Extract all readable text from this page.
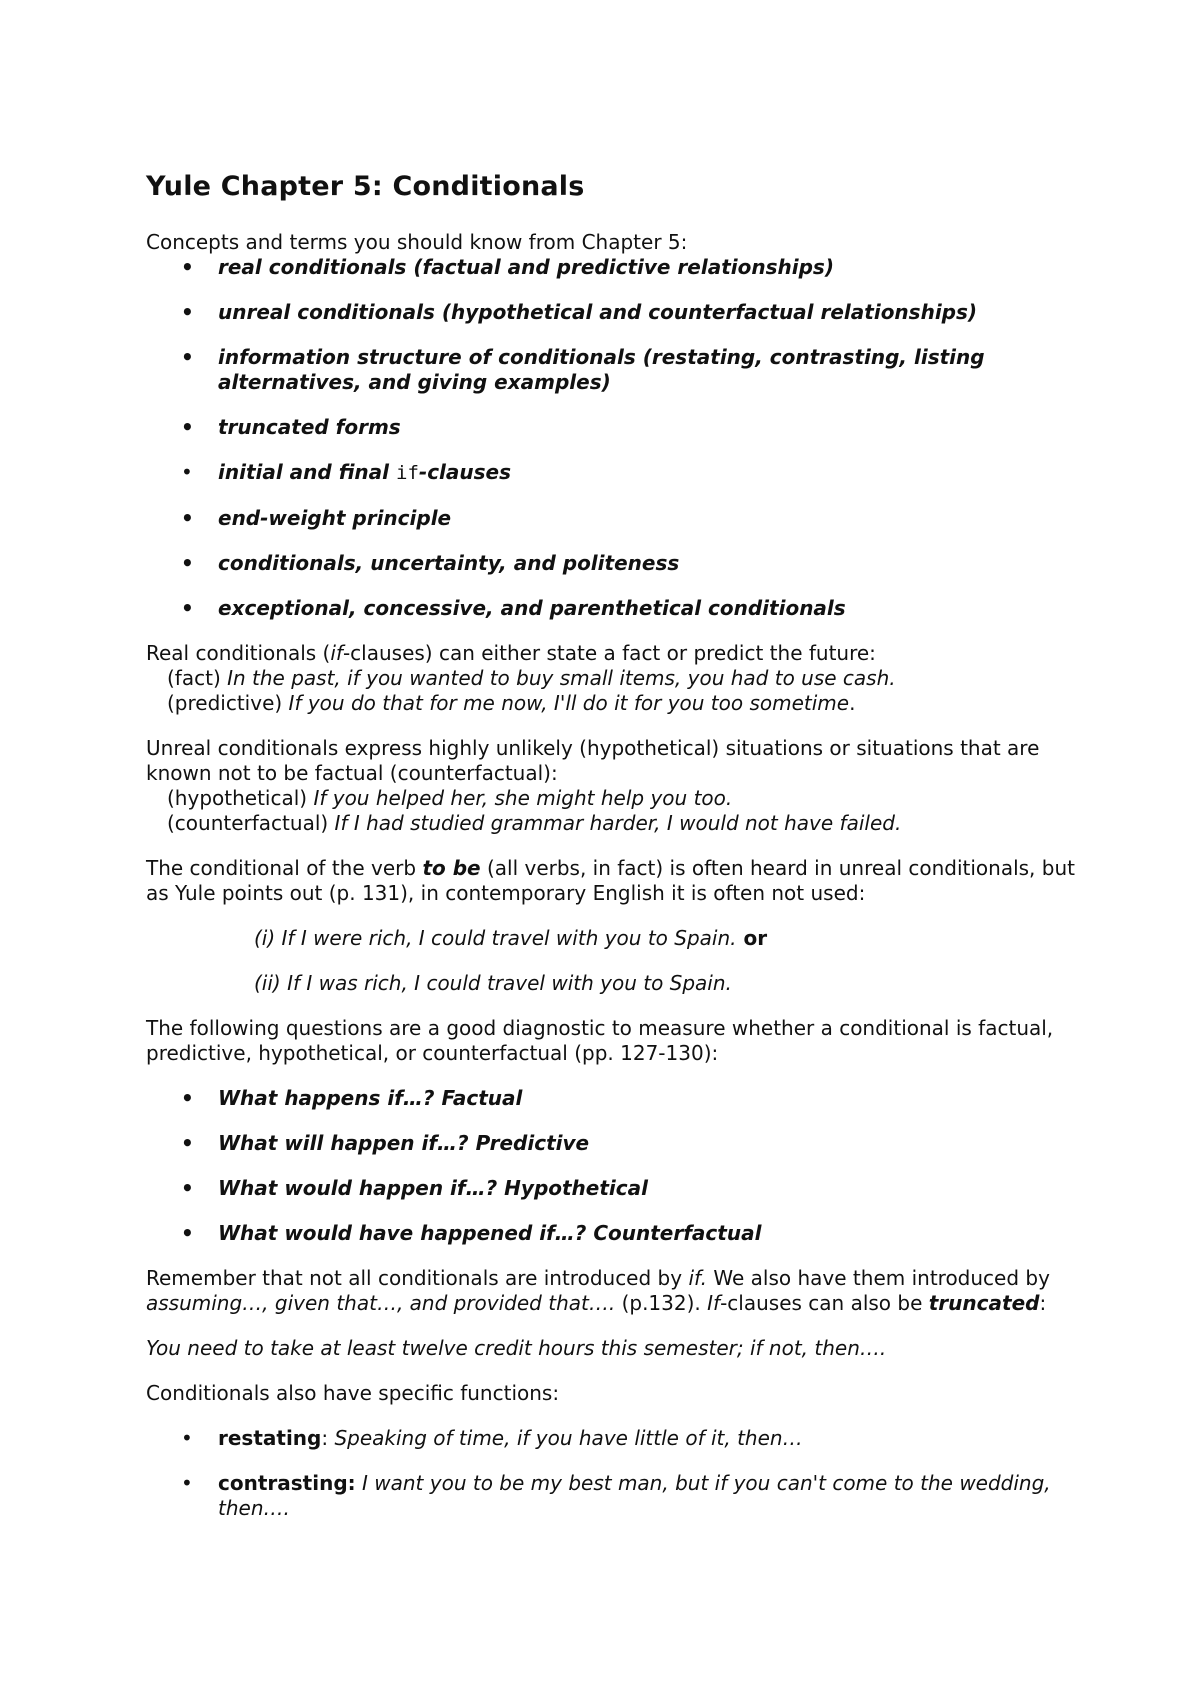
Yule Chapter 5: Conditionals

Concepts and terms you should know from Chapter 5:

• real conditionals (factual and predictive relationships)
• unreal conditionals (hypothetical and counterfactual relationships)
• information structure of conditionals (restating, contrasting, listing alternatives, and giving examples)
• truncated forms
• initial and final if-clauses
• end-weight principle
• conditionals, uncertainty, and politeness
• exceptional, concessive, and parenthetical conditionals

Real conditionals (if-clauses) can either state a fact or predict the future:

(fact) In the past, if you wanted to buy small items, you had to use cash.

(predictive) If you do that for me now, I'll do it for you too sometime.

Unreal conditionals express highly unlikely (hypothetical) situations or situations that are known not to be factual (counterfactual):

(hypothetical) If you helped her, she might help you too.

(counterfactual) If I had studied grammar harder, I would not have failed.

The conditional of the verb to be (all verbs, in fact) is often heard in unreal conditionals, but as Yule points out (p. 131), in contemporary English it is often not used:

(i) If I were rich, I could travel with you to Spain. or

(ii) If I was rich, I could travel with you to Spain.

The following questions are a good diagnostic to measure whether a conditional is factual, predictive, hypothetical, or counterfactual (pp. 127-130):

• What happens if…? Factual
• What will happen if…? Predictive
• What would happen if…? Hypothetical
• What would have happened if…? Counterfactual

Remember that not all conditionals are introduced by if. We also have them introduced by assuming…, given that…, and provided that…. (p.132). If-clauses can also be truncated:

You need to take at least twelve credit hours this semester; if not, then….

Conditionals also have specific functions:

• restating: Speaking of time, if you have little of it, then…
• contrasting: I want you to be my best man, but if you can't come to the wedding, then….
